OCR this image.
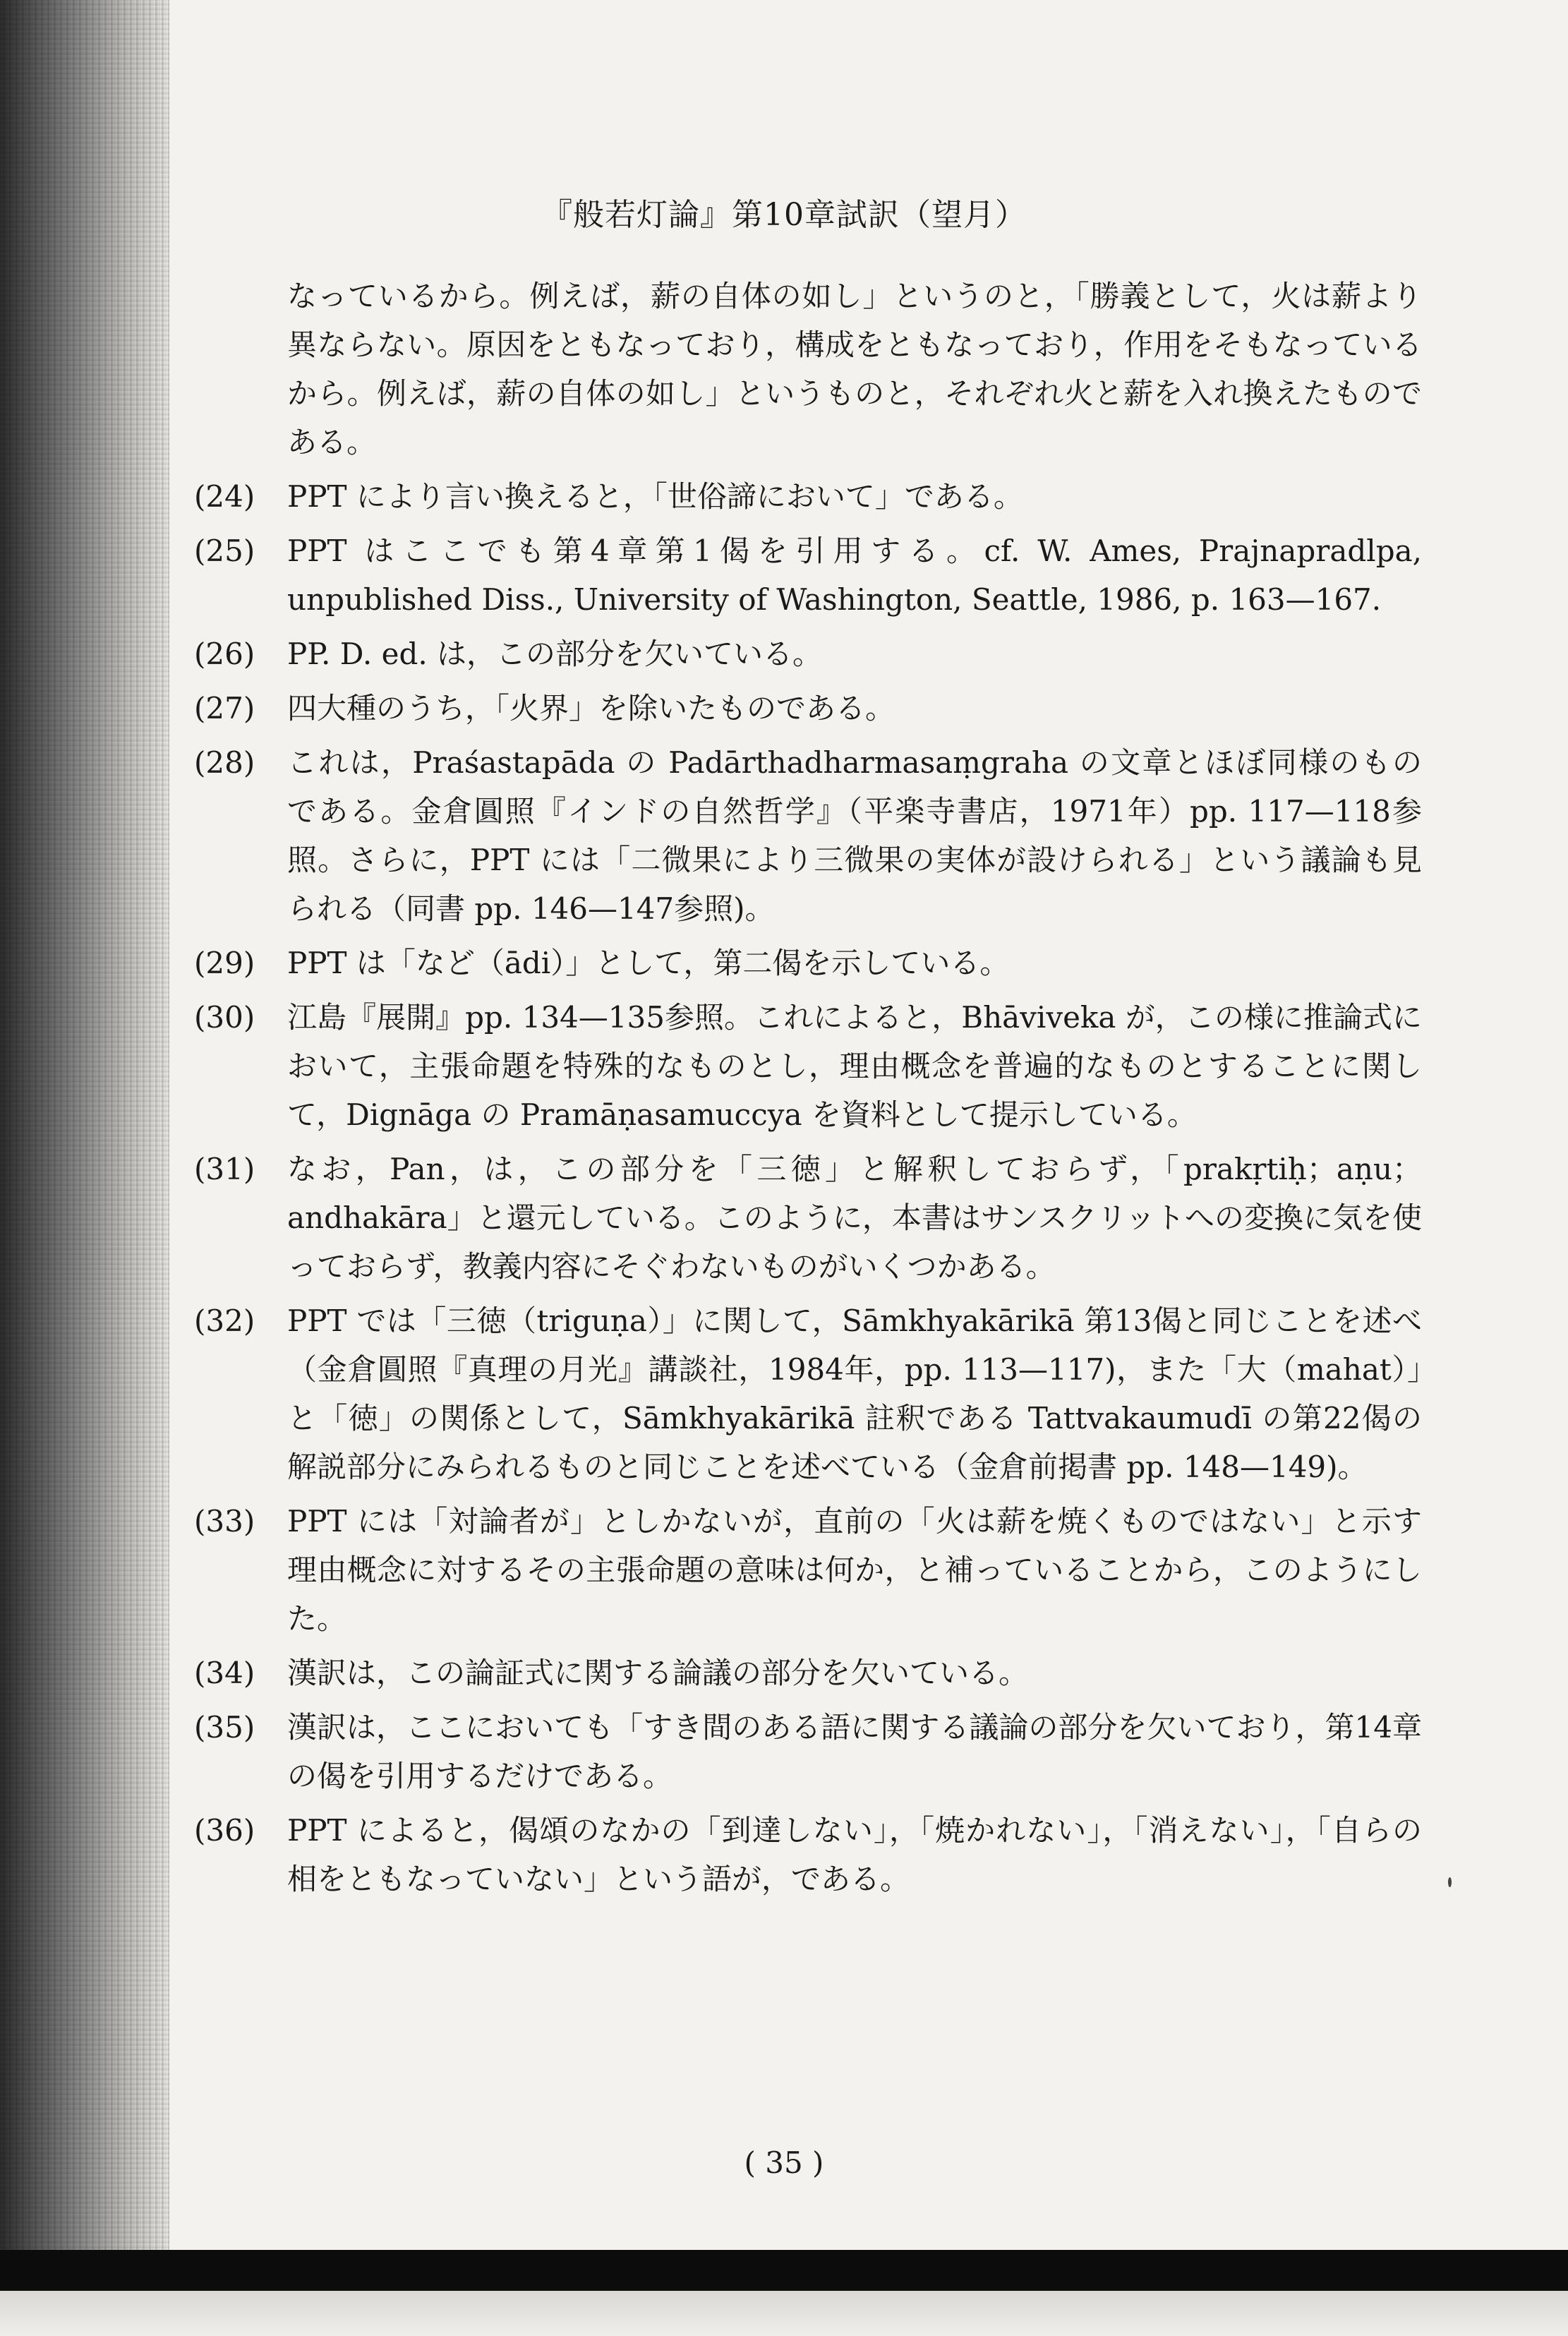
『般若灯論』第10章試訳（望月）
なっているから。例えば，薪の自体の如し」というのと，「勝義として，火は薪より異ならない。原因をともなっており，構成をともなっており，作用をそもなっているから。例えば，薪の自体の如し」というものと，それぞれ火と薪を入れ換えたものである。
(24)	PPT により言い換えると，「世俗諦において」である。
(25)	PPT はここでも第4章第1偈を引用する。cf. W. Ames, Prajnapradlpa, unpublished Diss., University of Washington, Seattle, 1986, p. 163—167.
(26)	PP. D. ed. は，この部分を欠いている。
(27)	四大種のうち，「火界」を除いたものである。
(28)	これは，Praśastapāda の Padārthadharmasaṃgraha の文章とほぼ同様のものである。金倉圓照『インドの自然哲学』（平楽寺書店，1971年）pp. 117—118参照。さらに，PPT には「二微果により三微果の実体が設けられる」という議論も見られる（同書 pp. 146—147参照)。
(29)	PPT は「など（ādi）」として，第二偈を示している。
(30)	江島『展開』pp. 134—135参照。これによると，Bhāviveka が，この様に推論式において，主張命題を特殊的なものとし，理由概念を普遍的なものとすることに関して，Dignāga の Pramāṇasamuccya を資料として提示している。
(31)	なお，Pan，は，この部分を「三徳」と解釈しておらず，「prakṛtiḥ；aṇu；andhakāra」と還元している。このように，本書はサンスクリットへの変換に気を使っておらず，教義内容にそぐわないものがいくつかある。
(32)	PPT では「三徳（triguṇa）」に関して，Sāmkhyakārikā 第13偈と同じことを述べ（金倉圓照『真理の月光』講談社，1984年，pp. 113—117)，また「大（mahat）」と「徳」の関係として，Sāmkhyakārikā 註釈である Tattvakaumudī の第22偈の解説部分にみられるものと同じことを述べている（金倉前掲書 pp. 148—149)。
(33)	PPT には「対論者が」としかないが，直前の「火は薪を焼くものではない」と示す理由概念に対するその主張命題の意味は何か，と補っていることから，このようにした。
(34)	漢訳は，この論証式に関する論議の部分を欠いている。
(35)	漢訳は，ここにおいても「すき間のある語に関する議論の部分を欠いており，第14章の偈を引用するだけである。
(36)	PPT によると，偈頌のなかの「到達しない」，「焼かれない」，「消えない」，「自らの相をともなっていない」という語が，である。
( 35 )
